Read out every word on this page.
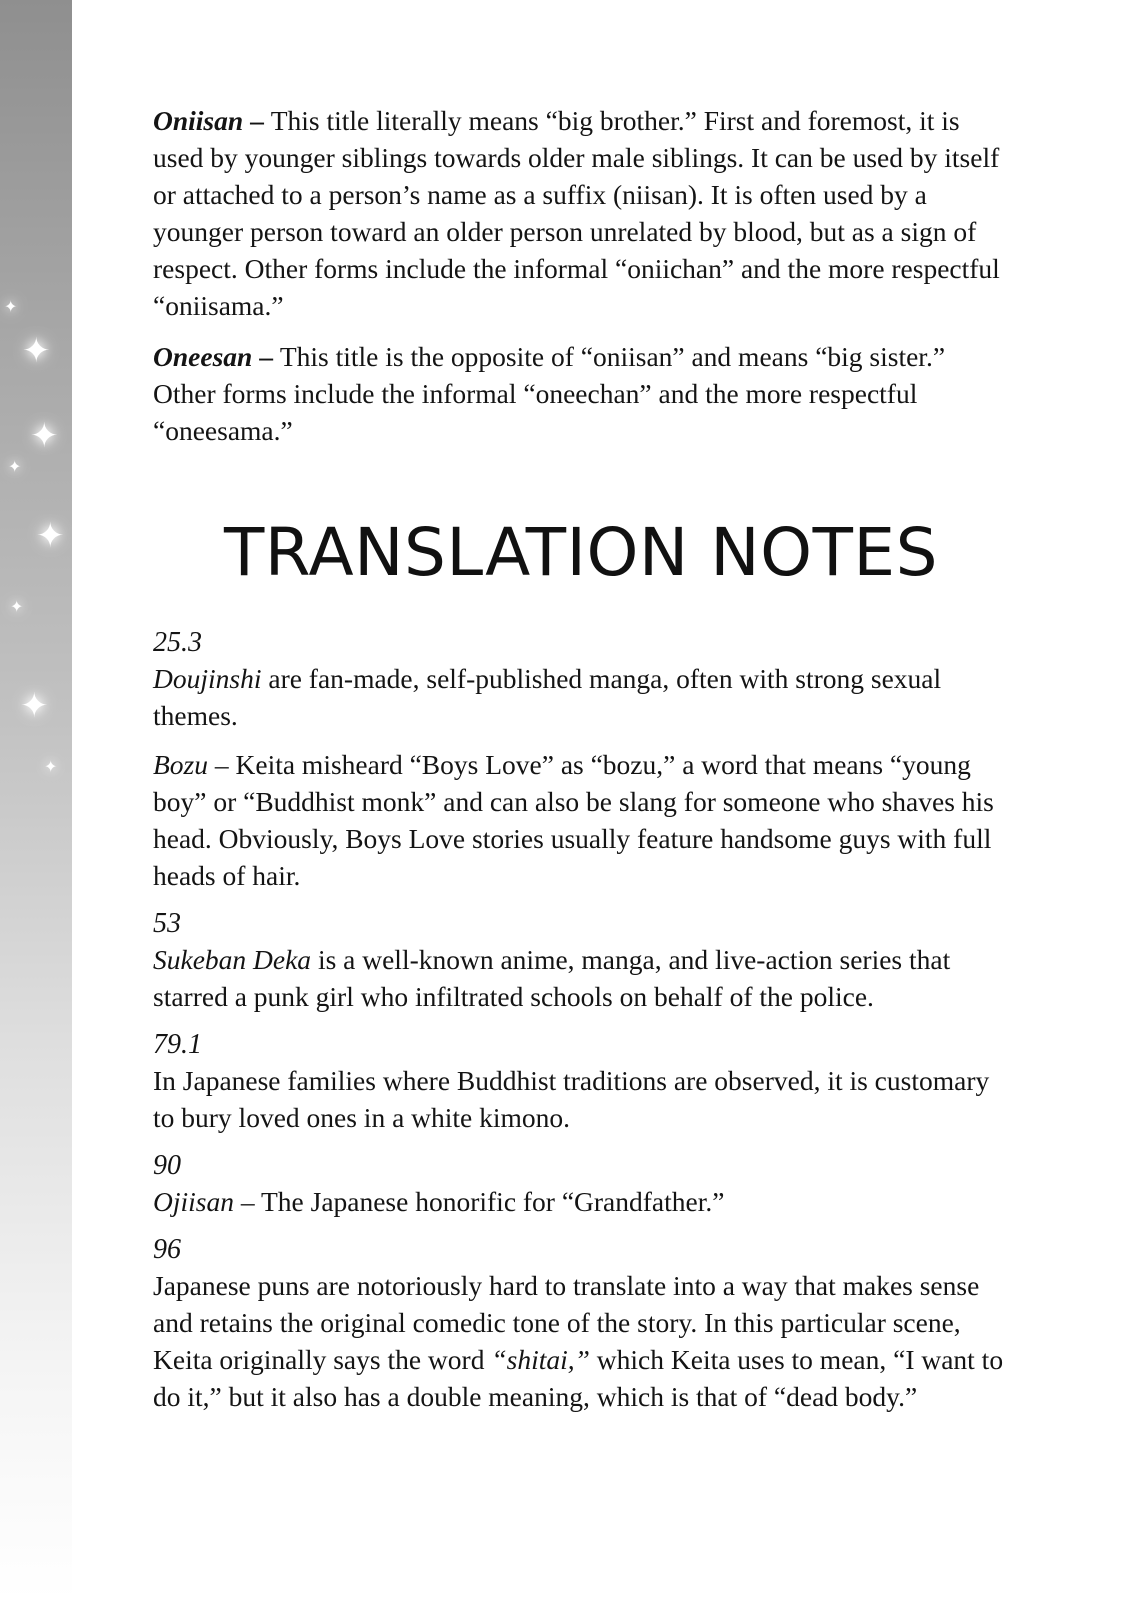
✦
✦
✦
✦
✦
✦
✦
✦

Oniisan – This title literally means “big brother.” First and foremost, it is used by younger siblings towards older male siblings. It can be used by itself or attached to a person’s name as a suffix (niisan). It is often used by a younger person toward an older person unrelated by blood, but as a sign of respect. Other forms include the informal “oniichan” and the more respectful “oniisama.”

Oneesan – This title is the opposite of “oniisan” and means “big sister.” Other forms include the informal “oneechan” and the more respectful “oneesama.”

TRANSLATION NOTES

25.3

Doujinshi are fan-made, self-published manga, often with strong sexual themes.

Bozu – Keita misheard “Boys Love” as “bozu,” a word that means “young boy” or “Buddhist monk” and can also be slang for someone who shaves his head. Obviously, Boys Love stories usually feature handsome guys with full heads of hair.

53

Sukeban Deka is a well-known anime, manga, and live-action series that starred a punk girl who infiltrated schools on behalf of the police.

79.1

In Japanese families where Buddhist traditions are observed, it is customary to bury loved ones in a white kimono.

90

Ojiisan – The Japanese honorific for “Grandfather.”

96

Japanese puns are notoriously hard to translate into a way that makes sense and retains the original comedic tone of the story. In this particular scene, Keita originally says the word “shitai,” which Keita uses to mean, “I want to do it,” but it also has a double meaning, which is that of “dead body.”
